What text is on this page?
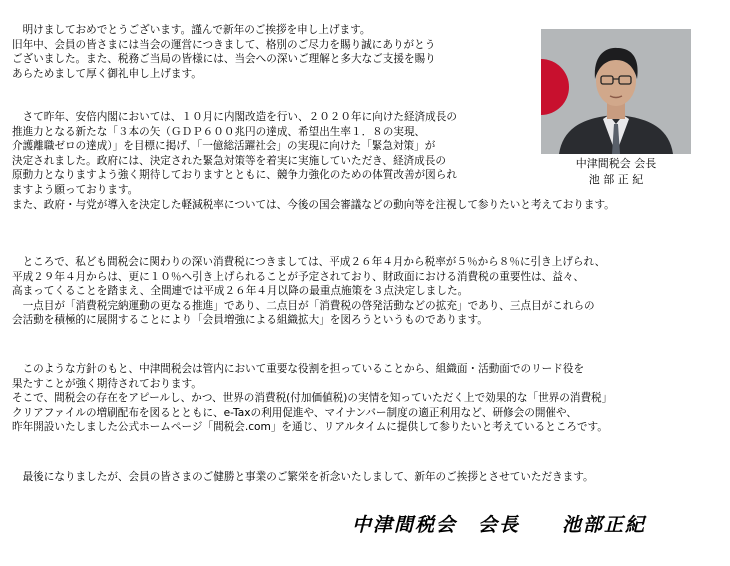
　明けましておめでとうございます。謹んで新年のご挨拶を申し上げます。
旧年中、会員の皆さまには当会の運営につきまして、格別のご尽力を賜り誠にありがとう
ございました。また、税務ご当局の皆様には、当会への深いご理解と多大なご支援を賜り
あらためまして厚く御礼申し上げます。
　さて昨年、安倍内閣においては、１０月に内閣改造を行い、２０２０年に向けた経済成長の
推進力となる新たな「３本の矢（ＧＤＰ６００兆円の達成、希望出生率１．８の実現、
介護離職ゼロの達成）」を目標に掲げ、「一億総活躍社会」の実現に向けた「緊急対策」が
決定されました。政府には、決定された緊急対策等を着実に実施していただき、経済成長の
原動力となりますよう強く期待しておりますとともに、競争力強化のための体質改善が図られ
ますよう願っております。
また、政府・与党が導入を決定した軽減税率については、今後の国会審議などの動向等を注視して参りたいと考えております。
　ところで、私ども間税会に関わりの深い消費税につきましては、平成２６年４月から税率が５％から８％に引き上げられ、
平成２９年４月からは、更に１０％へ引き上げられることが予定されており、財政面における消費税の重要性は、益々、
高まってくることを踏まえ、全間連では平成２６年４月以降の最重点施策を３点決定しました。
　一点目が「消費税完納運動の更なる推進」であり、二点目が「消費税の啓発活動などの拡充」であり、三点目がこれらの
会活動を積極的に展開することにより「会員増強による組織拡大」を図ろうというものであります。
　このような方針のもと、中津間税会は管内において重要な役割を担っていることから、組織面・活動面でのリード役を
果たすことが強く期待されております。
そこで、間税会の存在をアピールし、かつ、世界の消費税(付加価値税)の実情を知っていただく上で効果的な「世界の消費税」
クリアファイルの増刷配布を図るとともに、e-Taxの利用促進や、マイナンバー制度の適正利用など、研修会の開催や、
昨年開設いたしました公式ホームページ「間税会.com」を通じ、リアルタイムに提供して参りたいと考えているところです。
　最後になりましたが、会員の皆さまのご健勝と事業のご繁栄を祈念いたしまして、新年のご挨拶とさせていただきます。
中津間税会 会長
池 部 正 紀
中津間税会　会長　　池部正紀
